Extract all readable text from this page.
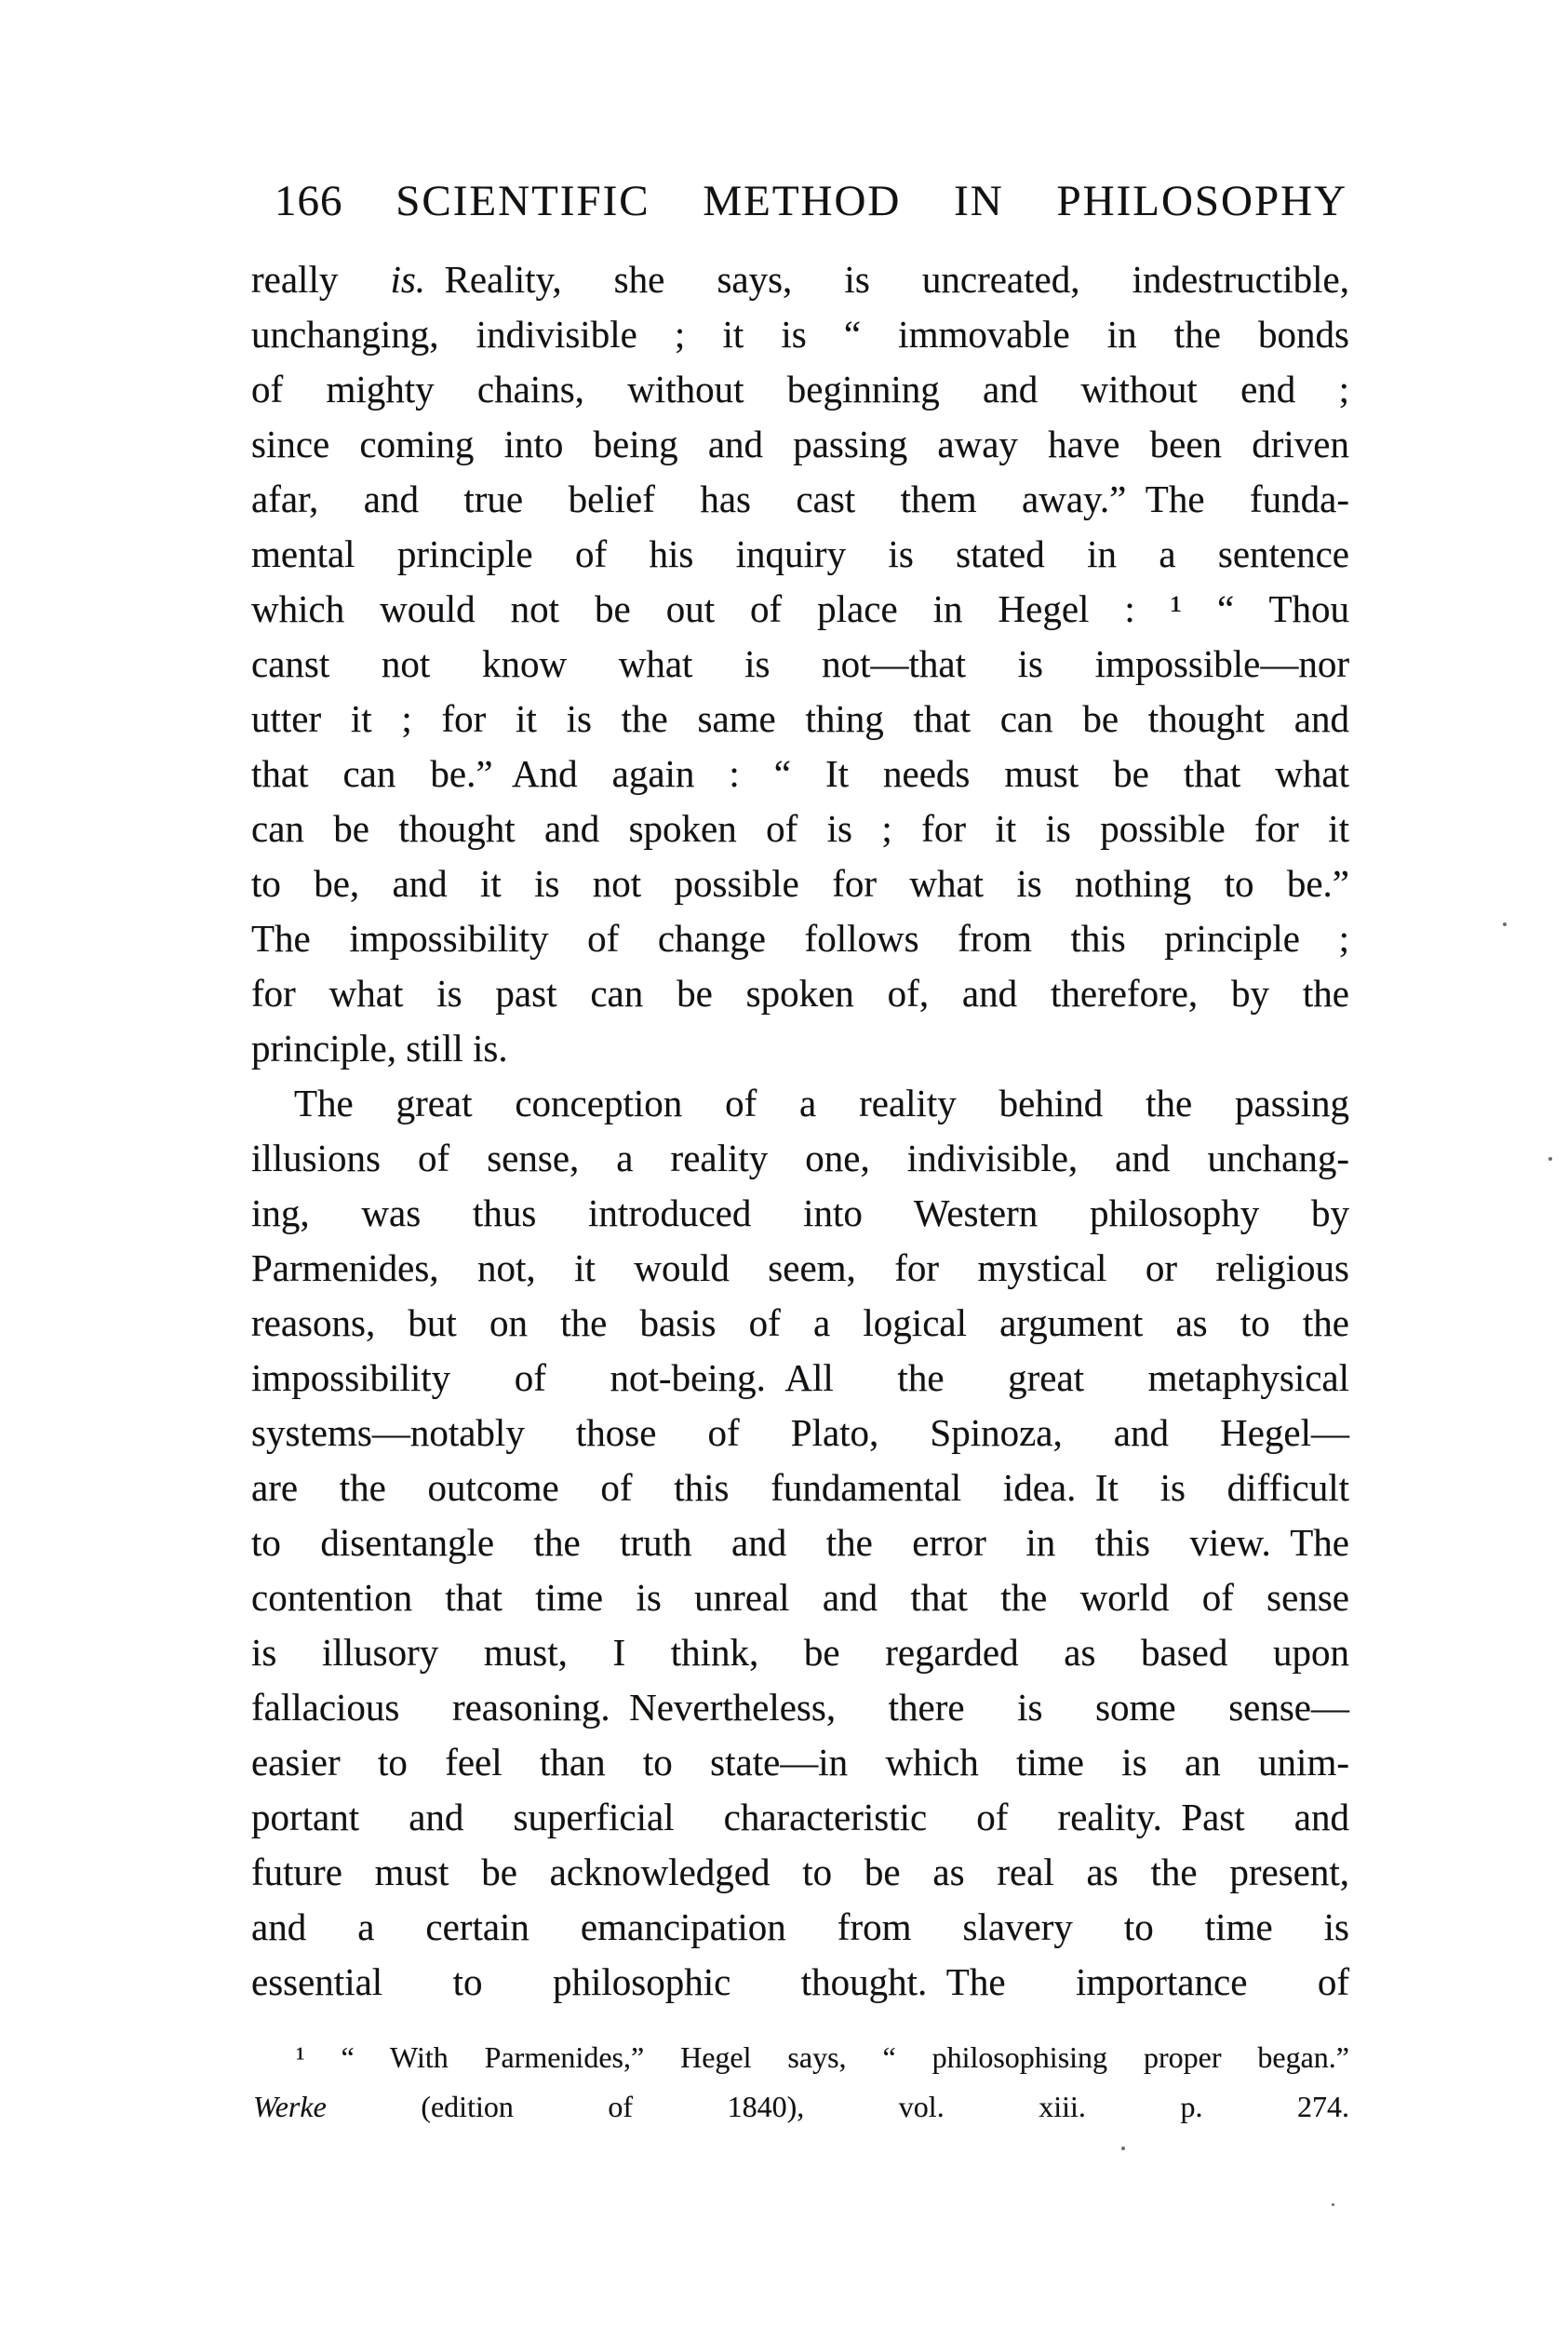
166 SCIENTIFIC METHOD IN PHILOSOPHY
really is. Reality, she says, is uncreated, indestructible,
unchanging, indivisible ; it is “ immovable in the bonds
of mighty chains, without beginning and without end ;
since coming into being and passing away have been driven
afar, and true belief has cast them away.” The funda-
mental principle of his inquiry is stated in a sentence
which would not be out of place in Hegel : ¹ “ Thou
canst not know what is not—that is impossible—nor
utter it ; for it is the same thing that can be thought and
that can be.” And again : “ It needs must be that what
can be thought and spoken of is ; for it is possible for it
to be, and it is not possible for what is nothing to be.”
The impossibility of change follows from this principle ;
for what is past can be spoken of, and therefore, by the
principle, still is.
The great conception of a reality behind the passing
illusions of sense, a reality one, indivisible, and unchang-
ing, was thus introduced into Western philosophy by
Parmenides, not, it would seem, for mystical or religious
reasons, but on the basis of a logical argument as to the
impossibility of not-being. All the great metaphysical
systems—notably those of Plato, Spinoza, and Hegel—
are the outcome of this fundamental idea. It is difficult
to disentangle the truth and the error in this view. The
contention that time is unreal and that the world of sense
is illusory must, I think, be regarded as based upon
fallacious reasoning. Nevertheless, there is some sense—
easier to feel than to state—in which time is an unim-
portant and superficial characteristic of reality. Past and
future must be acknowledged to be as real as the present,
and a certain emancipation from slavery to time is
essential to philosophic thought. The importance of
¹ “ With Parmenides,” Hegel says, “ philosophising proper began.”
Werke (edition of 1840), vol. xiii. p. 274.
